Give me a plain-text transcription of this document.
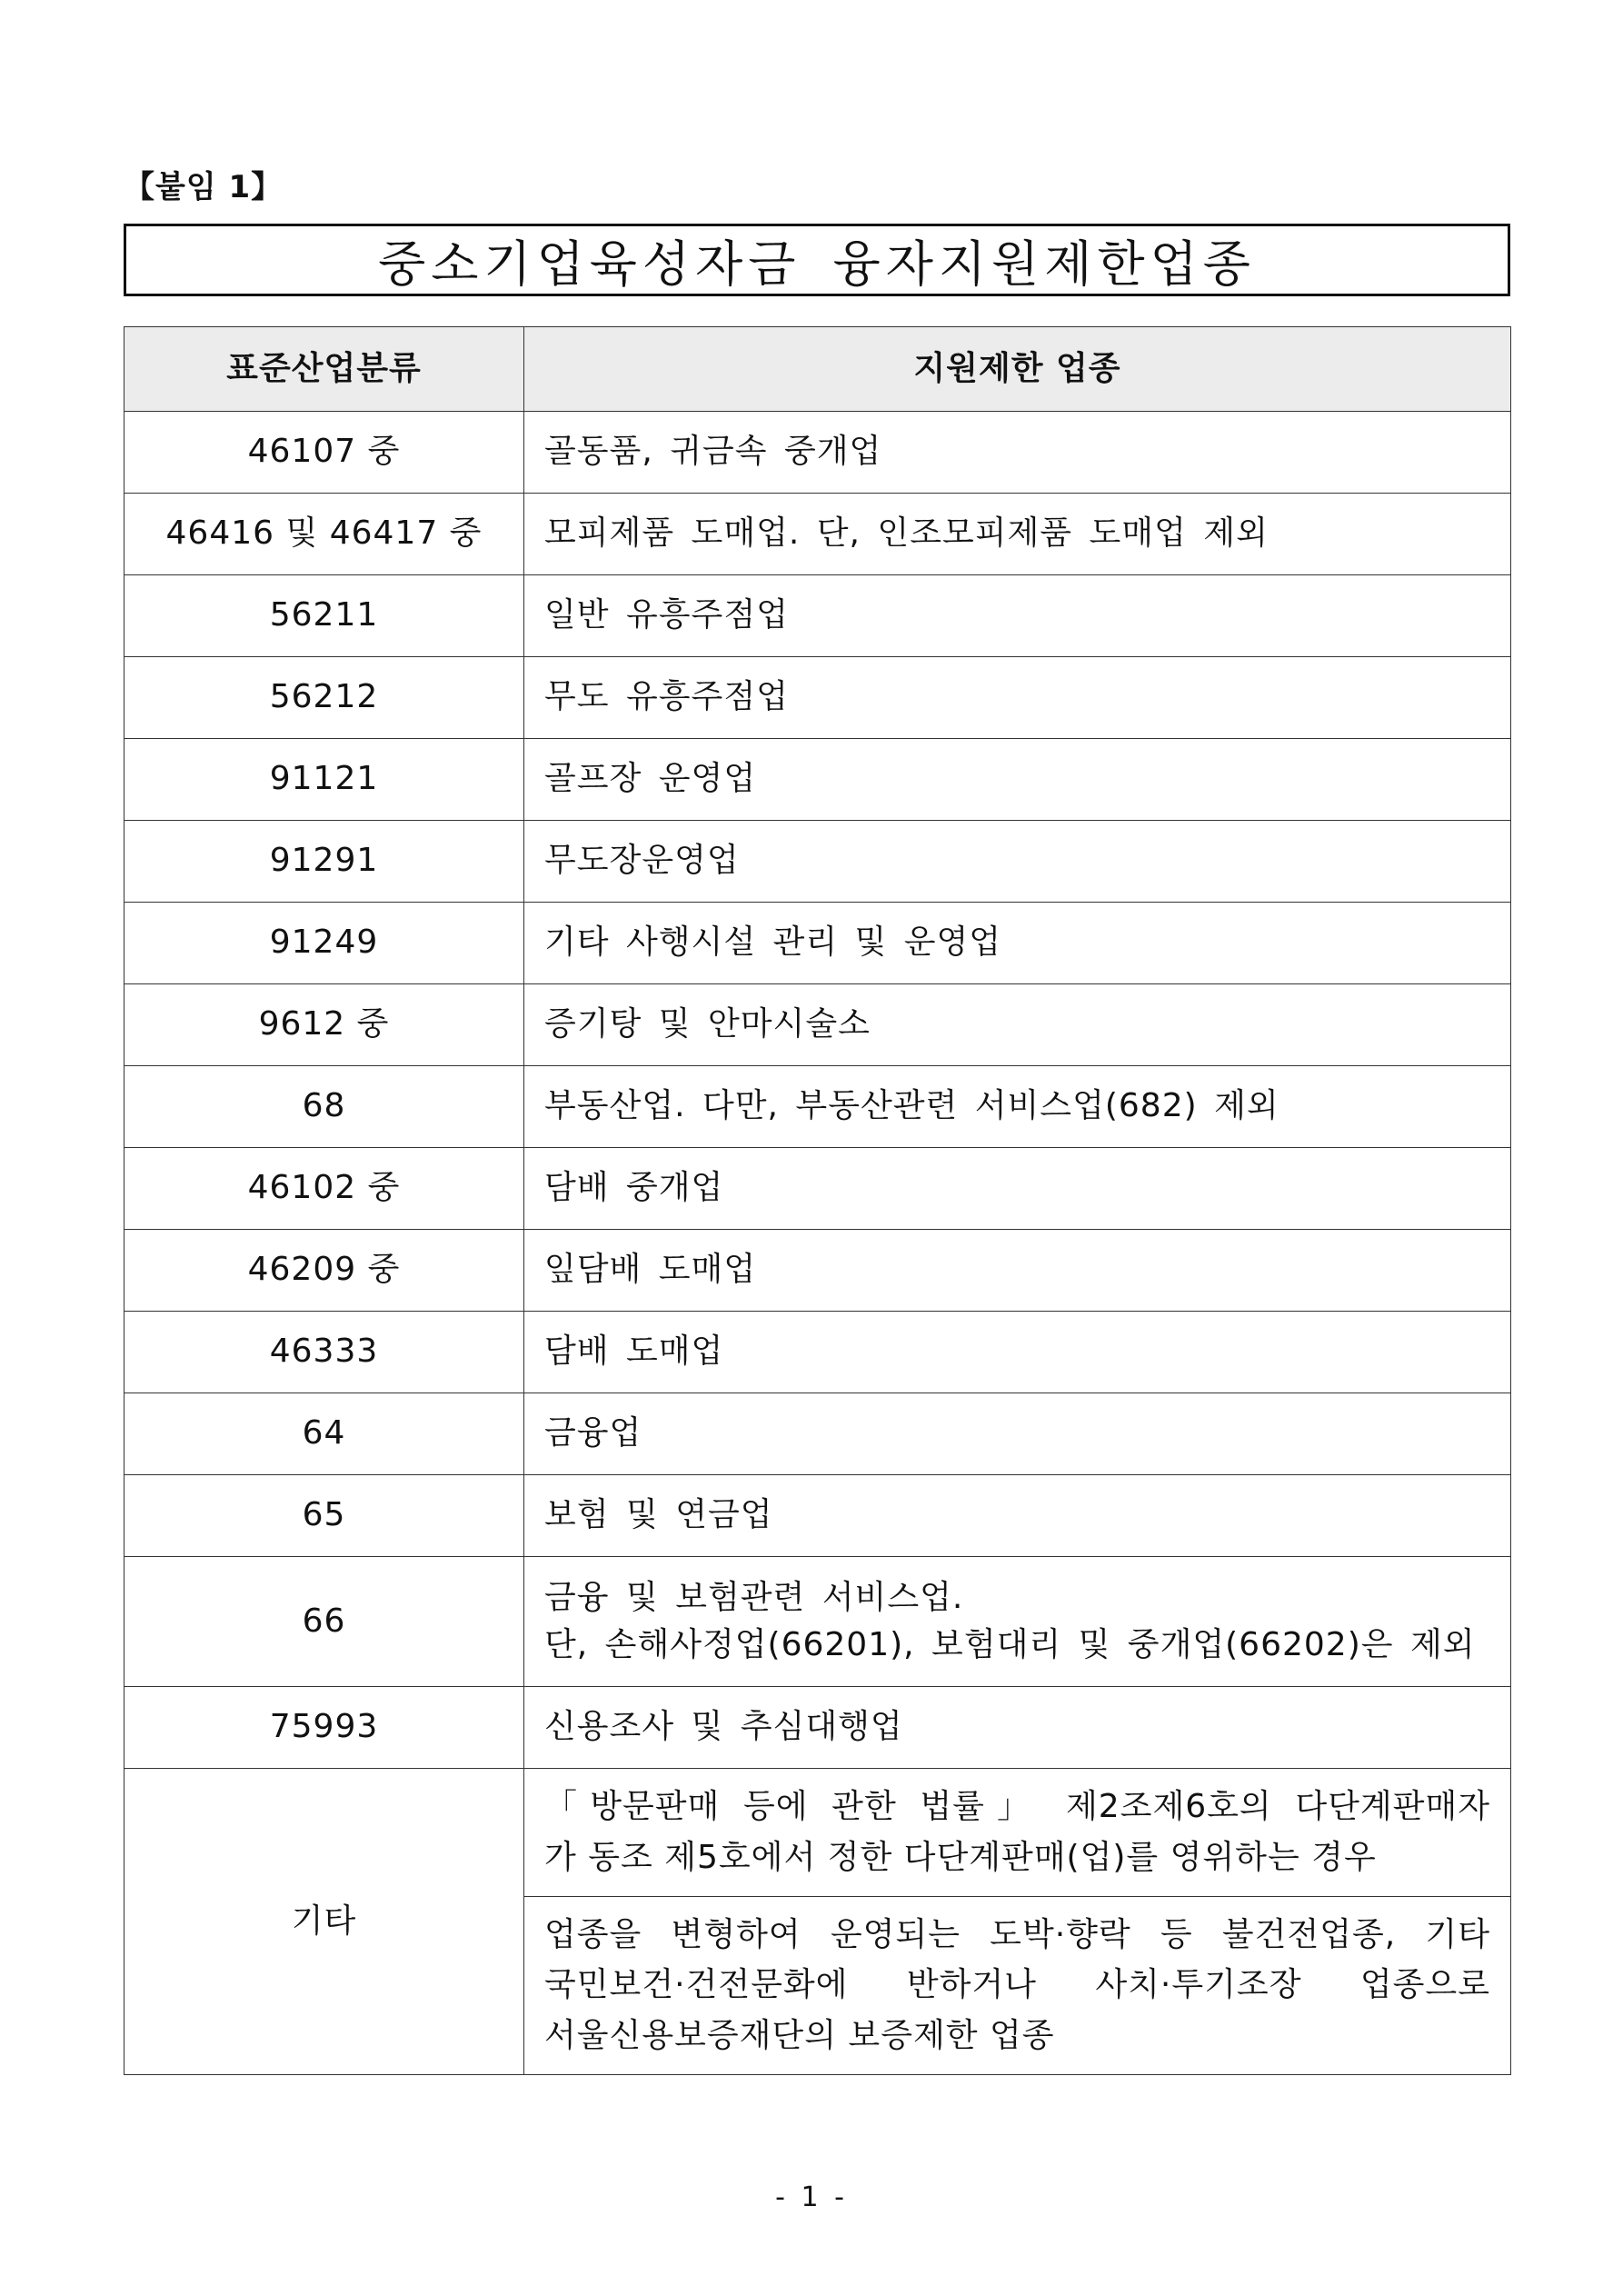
【붙임 1】
중소기업육성자금 융자지원제한업종
표준산업분류	지원제한 업종
46107 중	골동품, 귀금속 중개업

46416 및 46417 중	모피제품 도매업. 단, 인조모피제품 도매업 제외

56211	일반 유흥주점업

56212	무도 유흥주점업

91121	골프장 운영업

91291	무도장운영업

91249	기타 사행시설 관리 및 운영업

9612 중	증기탕 및 안마시술소

68	부동산업. 다만, 부동산관련 서비스업(682) 제외

46102 중	담배 중개업

46209 중	잎담배 도매업

46333	담배 도매업

64	금융업

65	보험 및 연금업

66	금융 및 보험관련 서비스업.
단, 손해사정업(66201), 보험대리 및 중개업(66202)은 제외

75993	신용조사 및 추심대행업

기타	「방문판매 등에 관한 법률」 제2조제6호의 다단계판매자
가 동조 제5호에서 정한 다단계판매(업)를 영위하는 경우

	업종을 변형하여 운영되는 도박·향락 등 불건전업종, 기타
국민보건·건전문화에 반하거나 사치·투기조장 업종으로
서울신용보증재단의 보증제한 업종
- 1 -
